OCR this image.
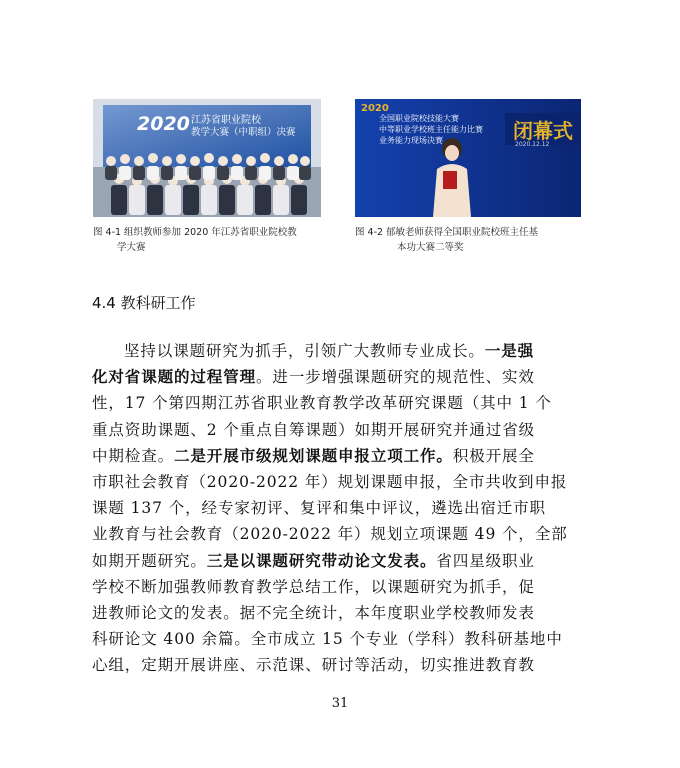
2020 江苏省职业院校
教学大赛（中职组）决赛
2020
全国职业院校技能大赛
中等职业学校班主任能力比赛
业务能力现场决赛	闭幕式
2020.12.12
图 4-1 组织教师参加 2020 年江苏省职业院校教
学大赛
图 4-2 郁敏老师获得全国职业院校班主任基
本功大赛二等奖
4.4 教科研工作
坚持以课题研究为抓手，引领广大教师专业成长。一是强
化对省课题的过程管理。进一步增强课题研究的规范性、实效
性，17 个第四期江苏省职业教育教学改革研究课题（其中 1 个
重点资助课题、2 个重点自筹课题）如期开展研究并通过省级
中期检查。二是开展市级规划课题申报立项工作。积极开展全
市职社会教育（2020-2022 年）规划课题申报，全市共收到申报
课题 137 个，经专家初评、复评和集中评议，遴选出宿迁市职
业教育与社会教育（2020-2022 年）规划立项课题 49 个，全部
如期开题研究。三是以课题研究带动论文发表。省四星级职业
学校不断加强教师教育教学总结工作，以课题研究为抓手，促
进教师论文的发表。据不完全统计，本年度职业学校教师发表
科研论文 400 余篇。全市成立 15 个专业（学科）教科研基地中
心组，定期开展讲座、示范课、研讨等活动，切实推进教育教
31
